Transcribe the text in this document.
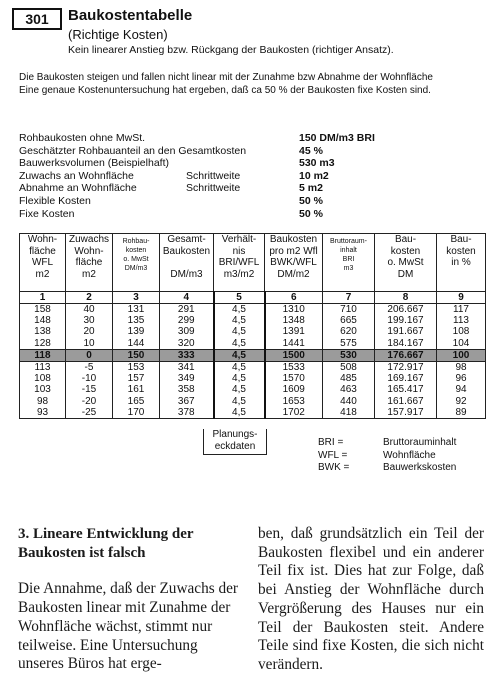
301	Baukostentabelle
(Richtige Kosten)
Kein linearer Anstieg bzw. Rückgang der Baukosten (richtiger Ansatz).
Die Baukosten steigen und fallen nicht linear mit der Zunahme bzw Abnahme der Wohnfläche
Eine genaue Kostenuntersuchung hat ergeben, daß ca 50 % der Baukosten fixe Kosten sind.
Rohbaukosten ohne MwSt.	150 DM/m3 BRI
Geschätzter Rohbauanteil an den Gesamtkosten	45 %
Bauwerksvolumen (Beispielhaft)	530 m3
Zuwachs an Wohnfläche	Schrittweite	10 m2
Abnahme an Wohnfläche	Schrittweite	5 m2
Flexible Kosten	50 %
Fixe Kosten	50 %
Wohn-
fläche
WFL
m2	Zuwachs
Wohn-
fläche
m2	Rohbau-
kosten
o. MwSt
DM/m3	Gesamt-
Baukosten

DM/m3	Verhält-
nis
BRI/WFL
m3/m2	Baukosten
pro m2 Wfl
BWK/WFL
DM/m2	Bruttoraum-
inhalt
BRI
m3	Bau-
kosten
o. MwSt
DM	Bau-
kosten
in %
1	2	3	4	5	6	7	8	9
158	40	131	291	4,5	1310	710	206.667	117
148	30	135	299	4,5	1348	665	199.167	113
138	20	139	309	4,5	1391	620	191.667	108
128	10	144	320	4,5	1441	575	184.167	104
118	0	150	333	4,5	1500	530	176.667	100
113	-5	153	341	4,5	1533	508	172.917	98
108	-10	157	349	4,5	1570	485	169.167	96
103	-15	161	358	4,5	1609	463	165.417	94
98	-20	165	367	4,5	1653	440	161.667	92
93	-25	170	378	4,5	1702	418	157.917	89
Planungs-
eckdaten	BRI =	Bruttorauminhalt
WFL =	Wohnfläche
BWK =	Bauwerkskosten
3. Lineare Entwicklung der Baukosten ist falsch

Die Annahme, daß der Zuwachs der Baukosten linear mit Zunahme der Wohnfläche wächst, stimmt nur teilweise. Eine Untersuchung unseres Büros hat erge-

ben, daß grundsätzlich ein Teil der Baukosten flexibel und ein anderer Teil fix ist. Dies hat zur Folge, daß bei Anstieg der Wohnfläche durch Vergrößerung des Hauses nur ein Teil der Baukosten steit. Andere Teile sind fixe Kosten, die sich nicht verändern.
